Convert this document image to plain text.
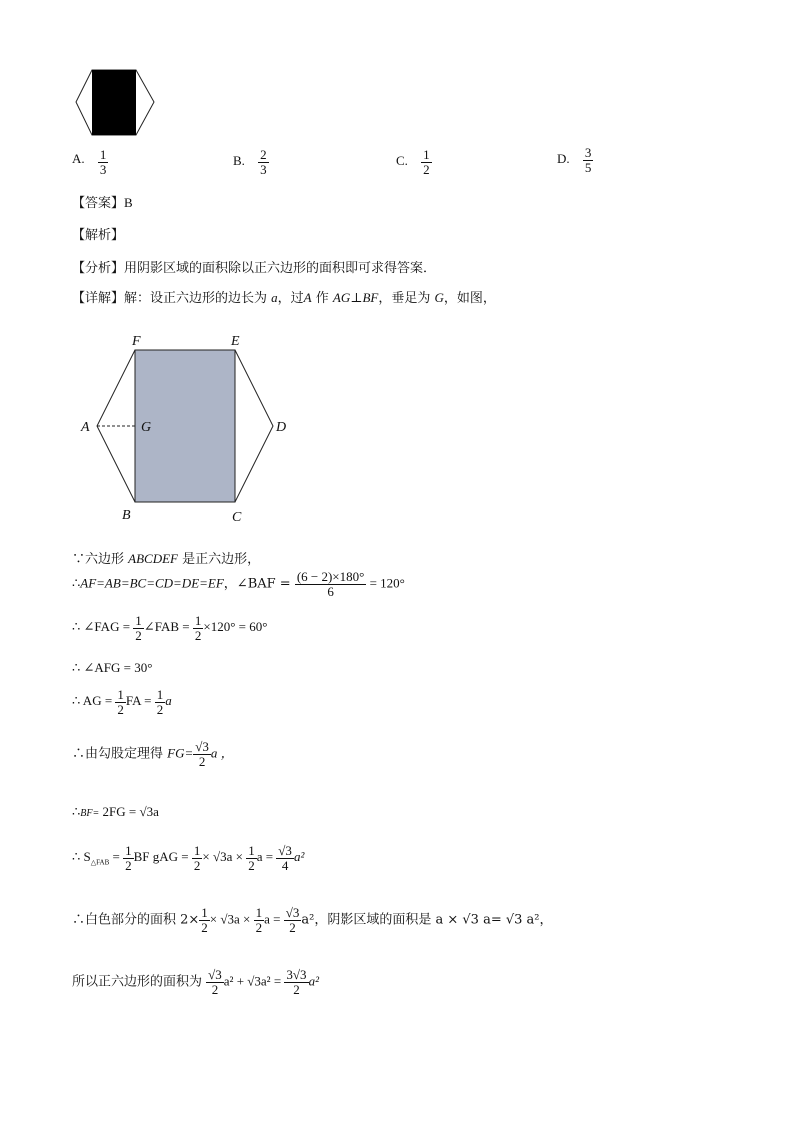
A. $\frac{1}{3}$	B. $\frac{2}{3}$	C. $\frac{1}{2}$	D. $\frac{3}{5}$
【答案】B
【解析】
【分析】用阴影区域的面积除以正六边形的面积即可求得答案．
【详解】解：设正六边形的边长为 a，过A 作 AG⊥BF，垂足为 G，如图，
F	E
A	G	D
B	C
∵六边形 ABCDEF 是正六边形，
∴AF=AB=BC=CD=DE=EF，∠BAF = $\frac{(6 - 2)\times 180^\circ}{6} = 120^\circ$
∴ ∠FAG = $\frac{1}{2}$ ∠FAB = $\frac{1}{2} \times 120^\circ = 60^\circ$
∴ ∠AFG = 30°
∴ AG = $\frac{1}{2}$ FA = $\frac{1}{2}$ a
∴由勾股定理得 $FG= \frac{√3}{2}$ a ，
∴BF= 2FG = √3a
∴ $S_{\triangle FAB} = \frac{1}{2}$ BF gAG = $\frac{1}{2} \times √3a \times \frac{1}{2}$ $a = \frac{√3}{4} a^2$
∴白色部分的面积 $2\times \frac{1}{2} \times √3a \times \frac{1}{2}$ $a = \frac{√3}{2} a^2$，阴影区域的面积是 a × √3 a= √3 a²，
所以正六边形的面积为 $\frac{√3}{2} a^2 + √3a^2 = \frac{3√3}{2} a^2$
